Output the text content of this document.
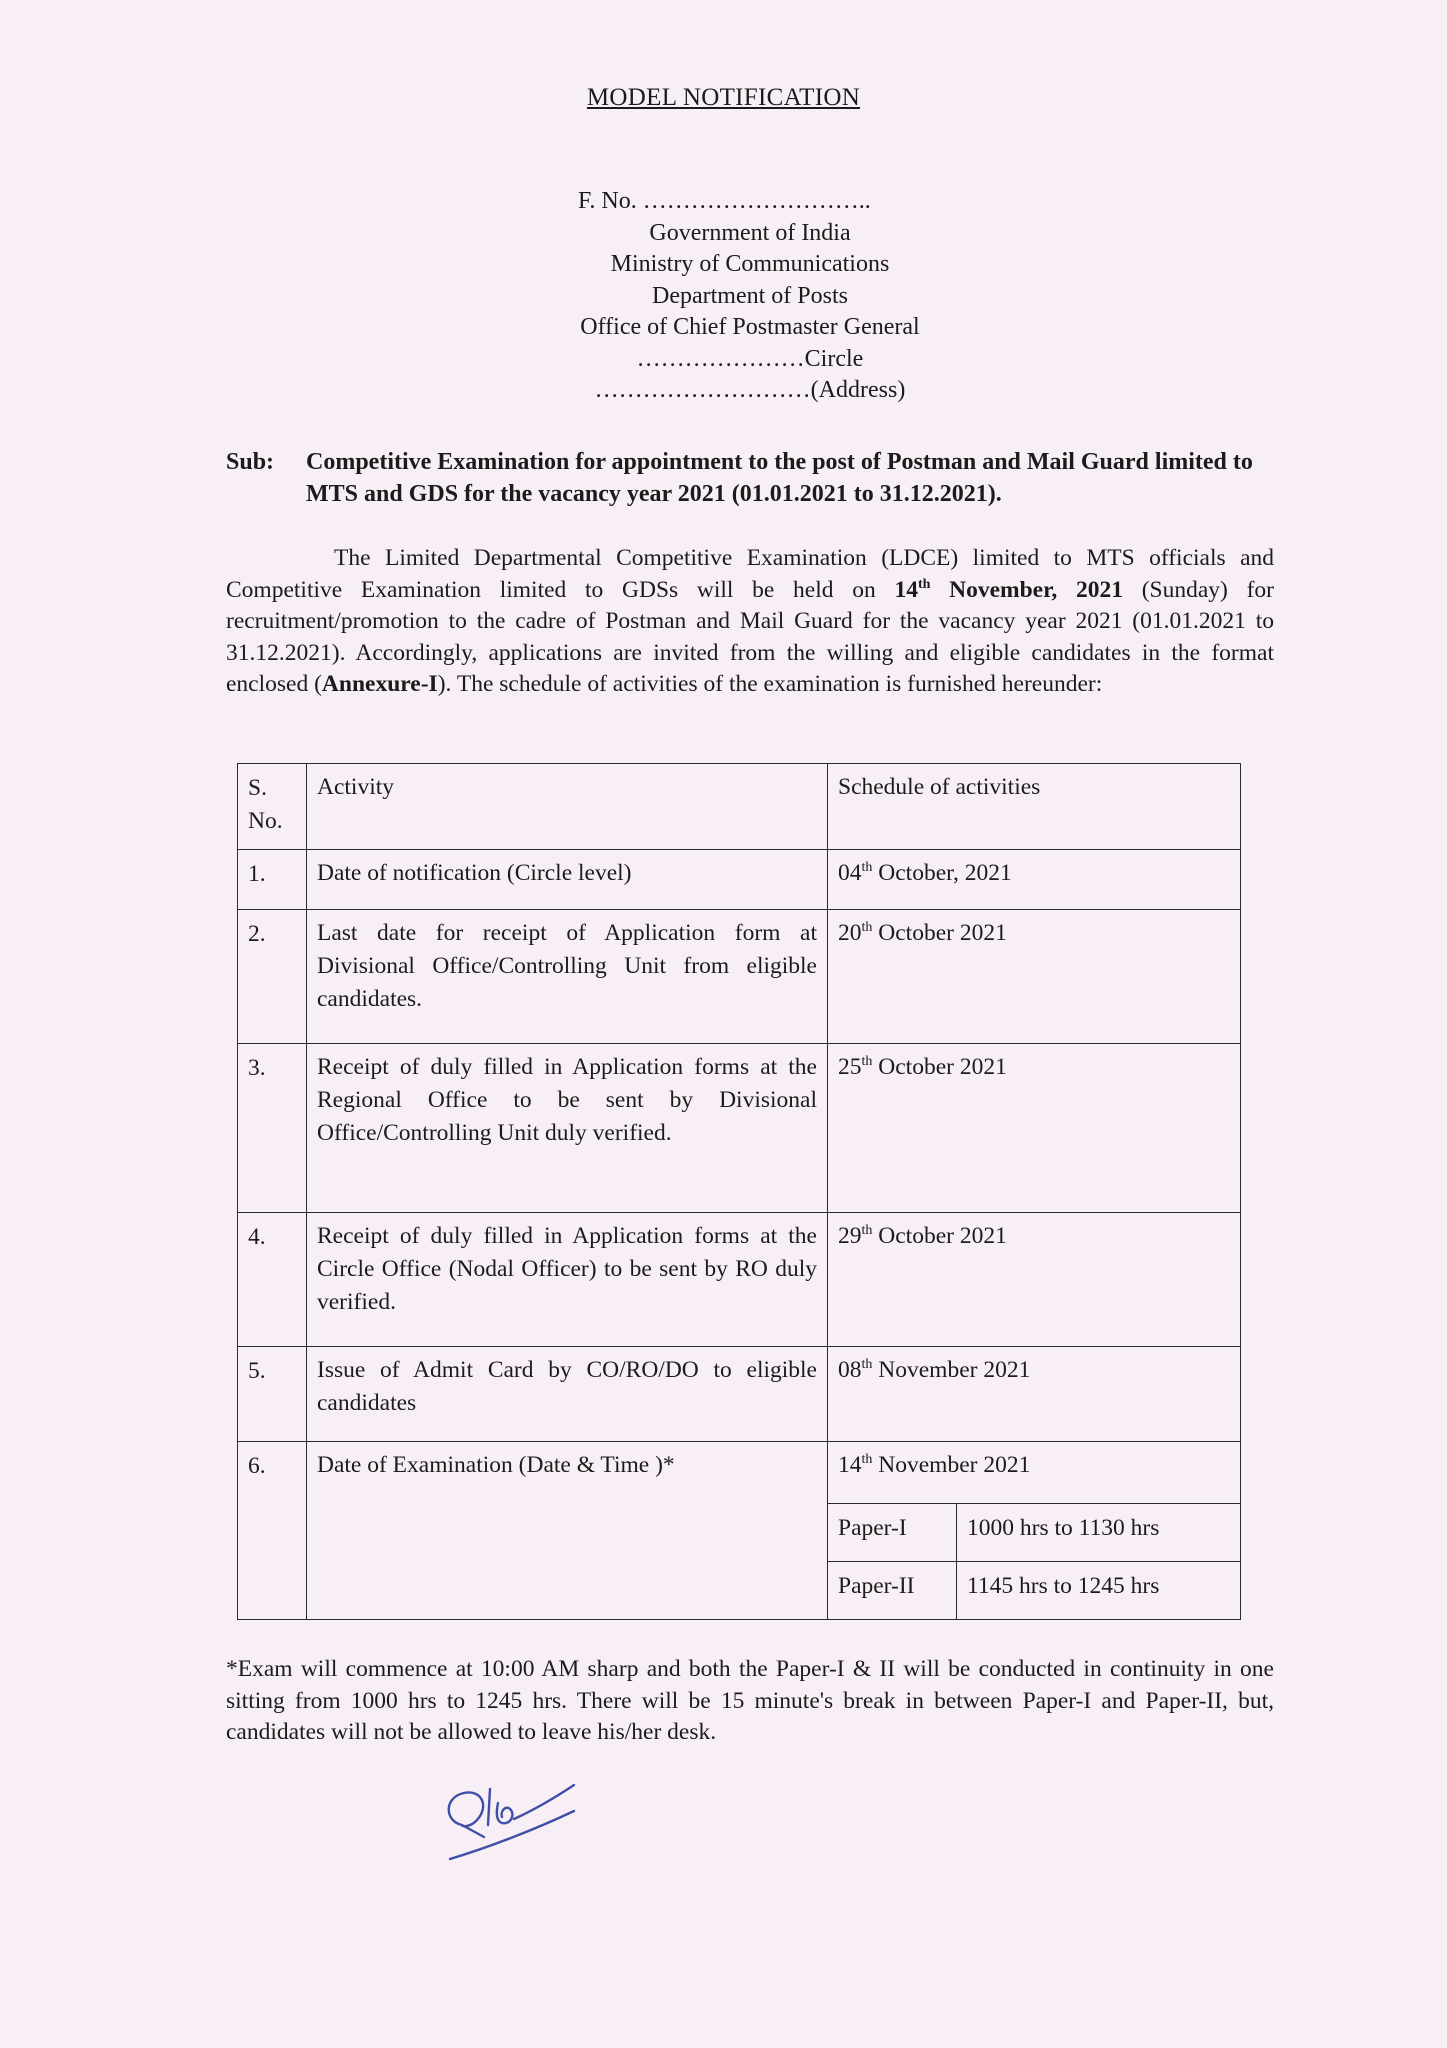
MODEL NOTIFICATION
F. No. ………………………..
Government of India
Ministry of Communications
Department of Posts
Office of Chief Postmaster General
…………………Circle
………………………(Address)
Sub: Competitive Examination for appointment to the post of Postman and Mail Guard limited to MTS and GDS for the vacancy year 2021 (01.01.2021 to 31.12.2021).
The Limited Departmental Competitive Examination (LDCE) limited to MTS officials and Competitive Examination limited to GDSs will be held on 14th November, 2021 (Sunday) for recruitment/promotion to the cadre of Postman and Mail Guard for the vacancy year 2021 (01.01.2021 to 31.12.2021). Accordingly, applications are invited from the willing and eligible candidates in the format enclosed (Annexure-I). The schedule of activities of the examination is furnished hereunder:
S. No.	Activity	Schedule of activities	
1.	Date of notification (Circle level)	04th October, 2021	
2.	Last date for receipt of Application form at Divisional Office/Controlling Unit from eligible candidates.	20th October 2021	
3.	Receipt of duly filled in Application forms at the Regional Office to be sent by Divisional Office/Controlling Unit duly verified.	25th October 2021	
4.	Receipt of duly filled in Application forms at the Circle Office (Nodal Officer) to be sent by RO duly verified.	29th October 2021	
5.	Issue of Admit Card by CO/RO/DO to eligible candidates	08th November 2021	
6.	Date of Examination (Date & Time )*	14th November 2021	
		Paper-I	1000 hrs to 1130 hrs
		Paper-II	1145 hrs to 1245 hrs
*Exam will commence at 10:00 AM sharp and both the Paper-I & II will be conducted in continuity in one sitting from 1000 hrs to 1245 hrs. There will be 15 minute's break in between Paper-I and Paper-II, but, candidates will not be allowed to leave his/her desk.
